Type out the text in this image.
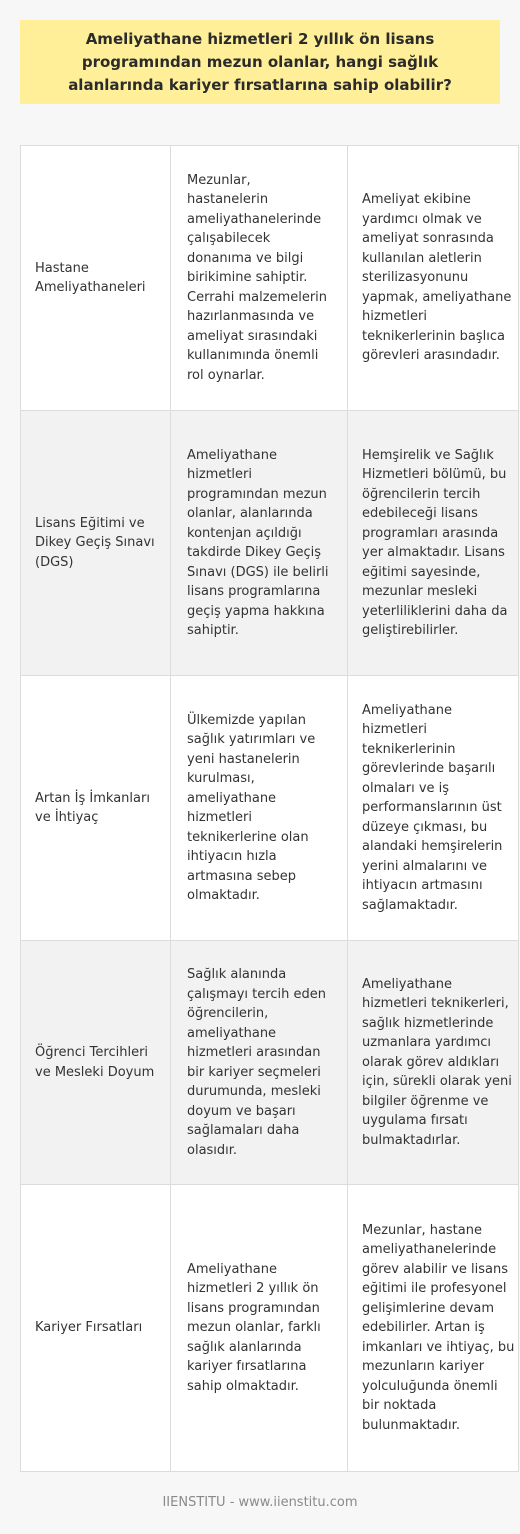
Ameliyathane hizmetleri 2 yıllık ön lisans programından mezun olanlar, hangi sağlık alanlarında kariyer fırsatlarına sahip olabilir?
Hastane Ameliyathaneleri	Mezunlar, hastanelerin ameliyathanelerinde çalışabilecek donanıma ve bilgi birikimine sahiptir. Cerrahi malzemelerin hazırlanmasında ve ameliyat sırasındaki kullanımında önemli rol oynarlar.	Ameliyat ekibine yardımcı olmak ve ameliyat sonrasında kullanılan aletlerin sterilizasyonunu yapmak, ameliyathane hizmetleri teknikerlerinin başlıca görevleri arasındadır.
Lisans Eğitimi ve Dikey Geçiş Sınavı (DGS)	Ameliyathane hizmetleri programından mezun olanlar, alanlarında kontenjan açıldığı takdirde Dikey Geçiş Sınavı (DGS) ile belirli lisans programlarına geçiş yapma hakkına sahiptir.	Hemşirelik ve Sağlık Hizmetleri bölümü, bu öğrencilerin tercih edebileceği lisans programları arasında yer almaktadır. Lisans eğitimi sayesinde, mezunlar mesleki yeterliliklerini daha da geliştirebilirler.
Artan İş İmkanları ve İhtiyaç	Ülkemizde yapılan sağlık yatırımları ve yeni hastanelerin kurulması, ameliyathane hizmetleri teknikerlerine olan ihtiyacın hızla artmasına sebep olmaktadır.	Ameliyathane hizmetleri teknikerlerinin görevlerinde başarılı olmaları ve iş performanslarının üst düzeye çıkması, bu alandaki hemşirelerin yerini almalarını ve ihtiyacın artmasını sağlamaktadır.
Öğrenci Tercihleri ve Mesleki Doyum	Sağlık alanında çalışmayı tercih eden öğrencilerin, ameliyathane hizmetleri arasından bir kariyer seçmeleri durumunda, mesleki doyum ve başarı sağlamaları daha olasıdır.	Ameliyathane hizmetleri teknikerleri, sağlık hizmetlerinde uzmanlara yardımcı olarak görev aldıkları için, sürekli olarak yeni bilgiler öğrenme ve uygulama fırsatı bulmaktadırlar.
Kariyer Fırsatları	Ameliyathane hizmetleri 2 yıllık ön lisans programından mezun olanlar, farklı sağlık alanlarında kariyer fırsatlarına sahip olmaktadır.	Mezunlar, hastane ameliyathanelerinde görev alabilir ve lisans eğitimi ile profesyonel gelişimlerine devam edebilirler. Artan iş imkanları ve ihtiyaç, bu mezunların kariyer yolculuğunda önemli bir noktada bulunmaktadır.
IIENSTITU - www.iienstitu.com
